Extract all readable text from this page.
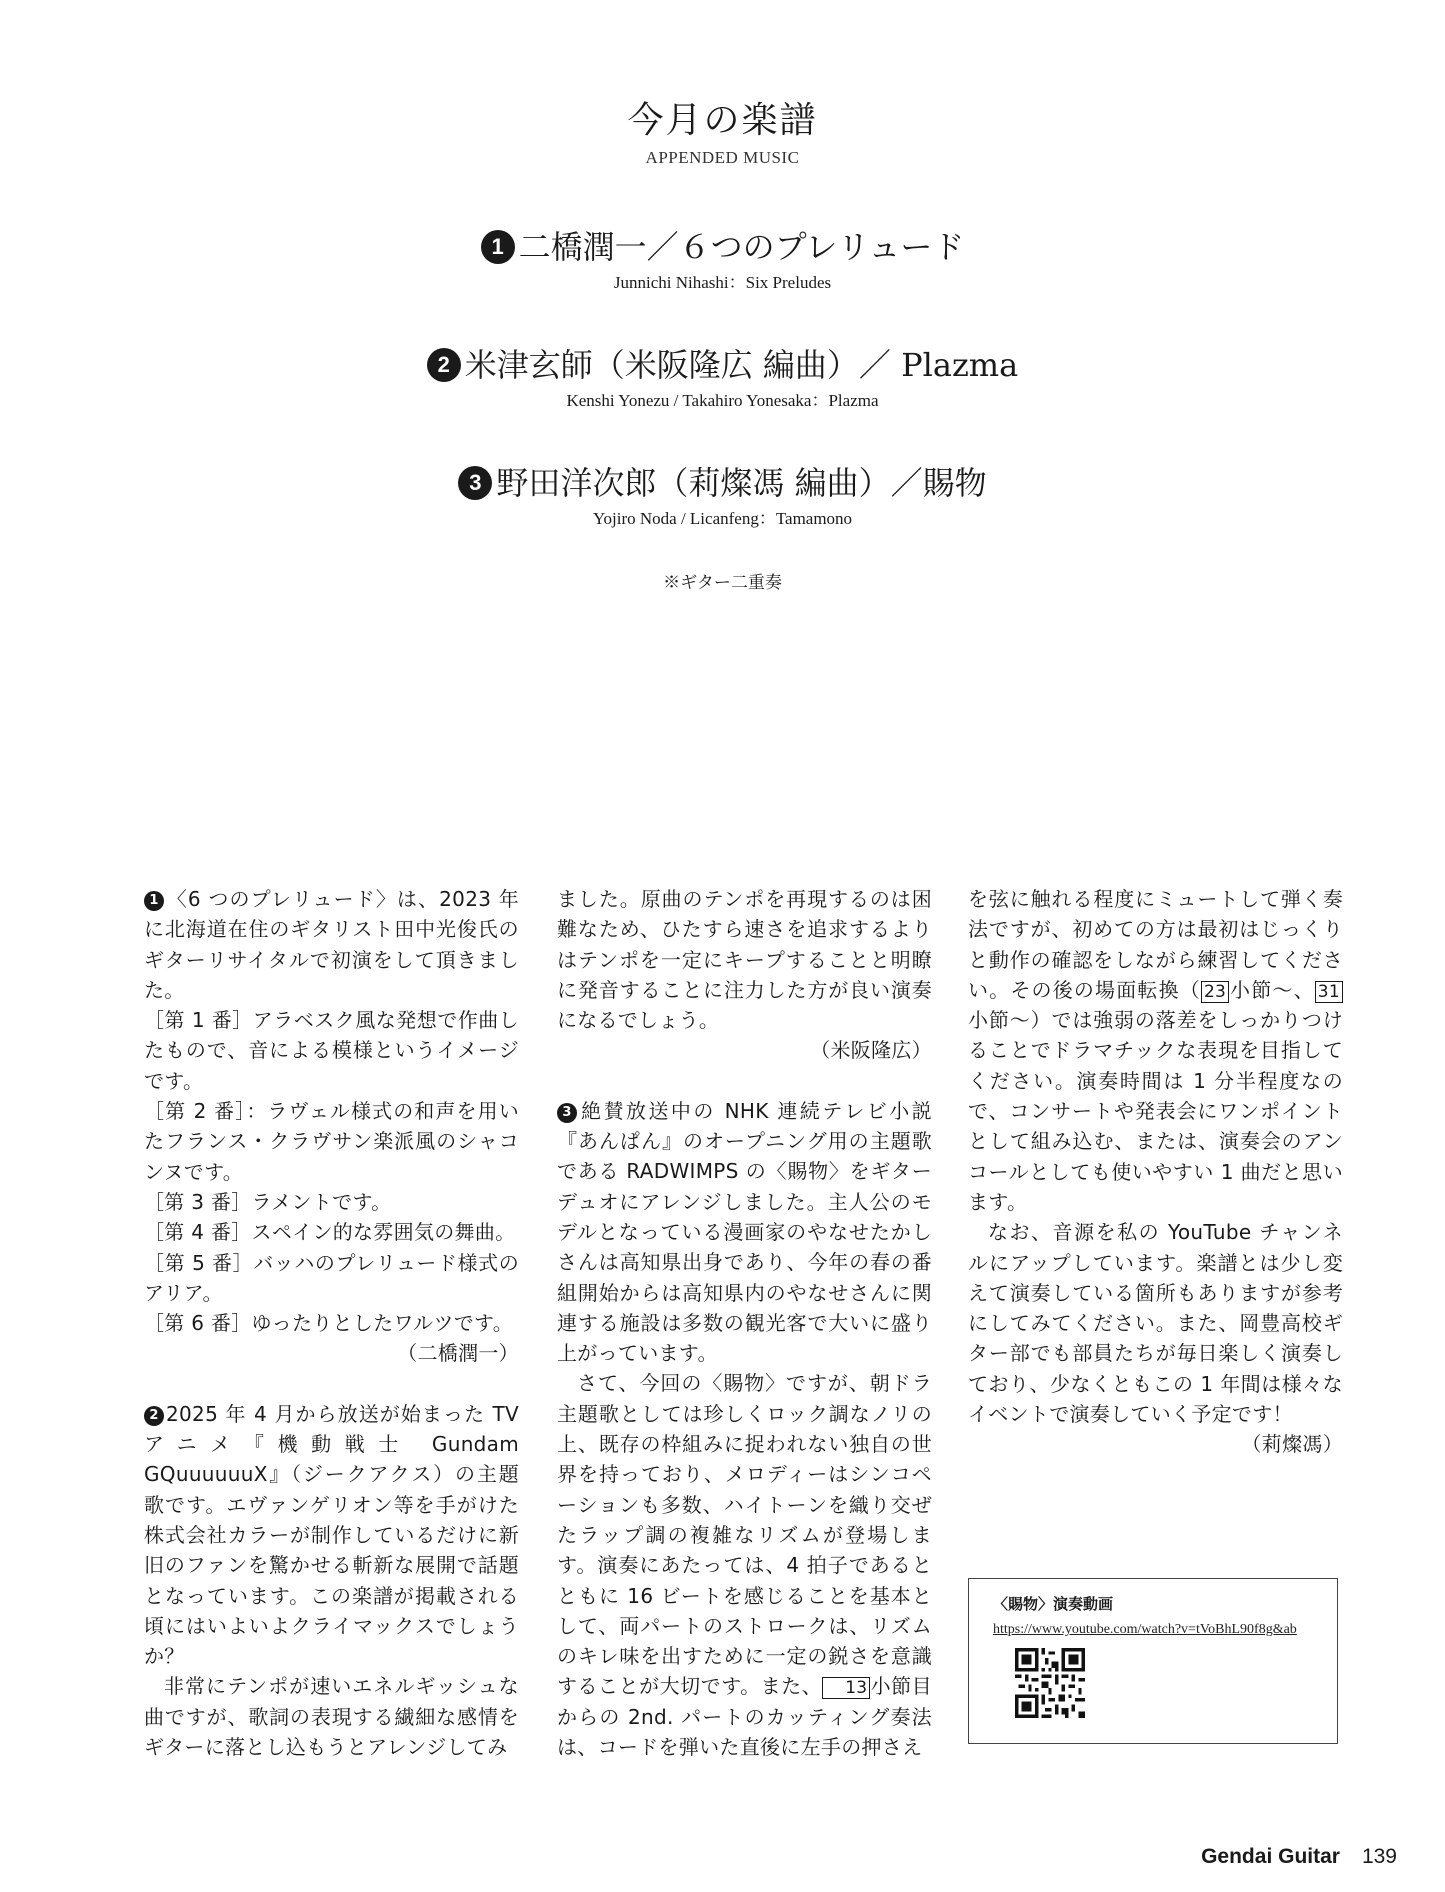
今月の楽譜
APPENDED MUSIC
1 二橋潤一／６つのプレリュード
Junnichi Nihashi：Six Preludes
2 米津玄師（米阪隆広 編曲）／ Plazma
Kenshi Yonezu / Takahiro Yonesaka：Plazma
3 野田洋次郎（莉燦馮 編曲）／賜物
Yojiro Noda / Licanfeng：Tamamono
※ギター二重奏

1 〈6 つのプレリュード〉は、2023 年に北海道在住のギタリスト田中光俊氏のギターリサイタルで初演をして頂きました。

［第 1 番］アラベスク風な発想で作曲したもので、音による模様というイメージです。

［第 2 番］：ラヴェル様式の和声を用いたフランス・クラヴサン楽派風のシャコンヌです。

［第 3 番］ラメントです。

［第 4 番］スペイン的な雰囲気の舞曲。

［第 5 番］バッハのプレリュード様式のアリア。

［第 6 番］ゆったりとしたワルツです。

（二橋潤一）

2 2025 年 4 月から放送が始まった TV アニメ『機動戦士 Gundam GQuuuuuuX』（ジークアクス）の主題歌です。エヴァンゲリオン等を手がけた株式会社カラーが制作しているだけに新旧のファンを驚かせる斬新な展開で話題となっています。この楽譜が掲載される頃にはいよいよクライマックスでしょうか？

非常にテンポが速いエネルギッシュな曲ですが、歌詞の表現する繊細な感情をギターに落とし込もうとアレンジしてみ

ました。原曲のテンポを再現するのは困難なため、ひたすら速さを追求するよりはテンポを一定にキープすることと明瞭に発音することに注力した方が良い演奏になるでしょう。

（米阪隆広）

3 絶賛放送中の NHK 連続テレビ小説『あんぱん』のオープニング用の主題歌である RADWIMPS の〈賜物〉をギターデュオにアレンジしました。主人公のモデルとなっている漫画家のやなせたかしさんは高知県出身であり、今年の春の番組開始からは高知県内のやなせさんに関連する施設は多数の観光客で大いに盛り上がっています。

さて、今回の〈賜物〉ですが、朝ドラ主題歌としては珍しくロック調なノリの上、既存の枠組みに捉われない独自の世界を持っており、メロディーはシンコペーションも多数、ハイトーンを織り交ぜたラップ調の複雑なリズムが登場します。演奏にあたっては、4 拍子であるとともに 16 ビートを感じることを基本として、両パートのストロークは、リズムのキレ味を出すために一定の鋭さを意識することが大切です。また、 13 小節目からの 2nd. パートのカッティング奏法は、コードを弾いた直後に左手の押さえ

を弦に触れる程度にミュートして弾く奏法ですが、初めての方は最初はじっくりと動作の確認をしながら練習してください。その後の場面転換（ 23 小節～、 31小節～）では強弱の落差をしっかりつけることでドラマチックな表現を目指してください。演奏時間は 1 分半程度なので、コンサートや発表会にワンポイントとして組み込む、または、演奏会のアンコールとしても使いやすい 1 曲だと思います。

なお、音源を私の YouTube チャンネルにアップしています。楽譜とは少し変えて演奏している箇所もありますが参考にしてみてください。また、岡豊高校ギター部でも部員たちが毎日楽しく演奏しており、少なくともこの 1 年間は様々なイベントで演奏していく予定です！

（莉燦馮）

〈賜物〉演奏動画
https://www.youtube.com/watch?v=tVoBhL90f8g&ab
Gendai Guitar 139
